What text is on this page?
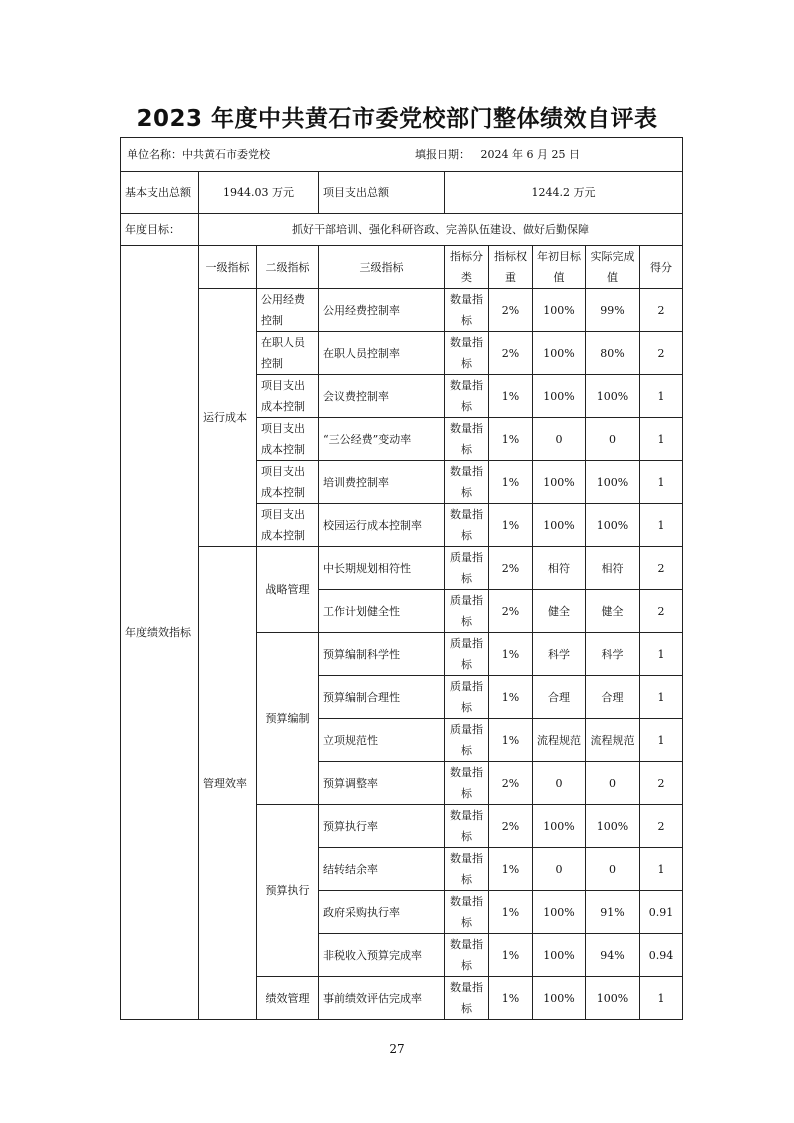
2023 年度中共黄石市委党校部门整体绩效自评表
单位名称：中共黄石市委党校 填报日期： 2024 年 6 月 25 日								

基本支出总额	1944.03 万元		项目支出总额	1244.2 万元				
年度目标：	抓好干部培训、强化科研咨政、完善队伍建设、做好后勤保障							
年度绩效指标	一级指标	二级指标	三级指标	指标分类	指标权重	年初目标值	实际完成值	得分
	运行成本	公用经费控制	公用经费控制率	数量指标	2%	100%	99%	2
		在职人员控制	在职人员控制率	数量指标	2%	100%	80%	2
		项目支出成本控制	会议费控制率	数量指标	1%	100%	100%	1
		项目支出成本控制	“三公经费”变动率	数量指标	1%	0	0	1
		项目支出成本控制	培训费控制率	数量指标	1%	100%	100%	1
		项目支出成本控制	校园运行成本控制率	数量指标	1%	100%	100%	1
	管理效率	战略管理	中长期规划相符性	质量指标	2%	相符	相符	2
			工作计划健全性	质量指标	2%	健全	健全	2
		预算编制	预算编制科学性	质量指标	1%	科学	科学	1
			预算编制合理性	质量指标	1%	合理	合理	1
			立项规范性	质量指标	1%	流程规范	流程规范	1
			预算调整率	数量指标	2%	0	0	2
		预算执行	预算执行率	数量指标	2%	100%	100%	2
			结转结余率	数量指标	1%	0	0	1
			政府采购执行率	数量指标	1%	100%	91%	0.91
			非税收入预算完成率	数量指标	1%	100%	94%	0.94
		绩效管理	事前绩效评估完成率	数量指标	1%	100%	100%	1
27
